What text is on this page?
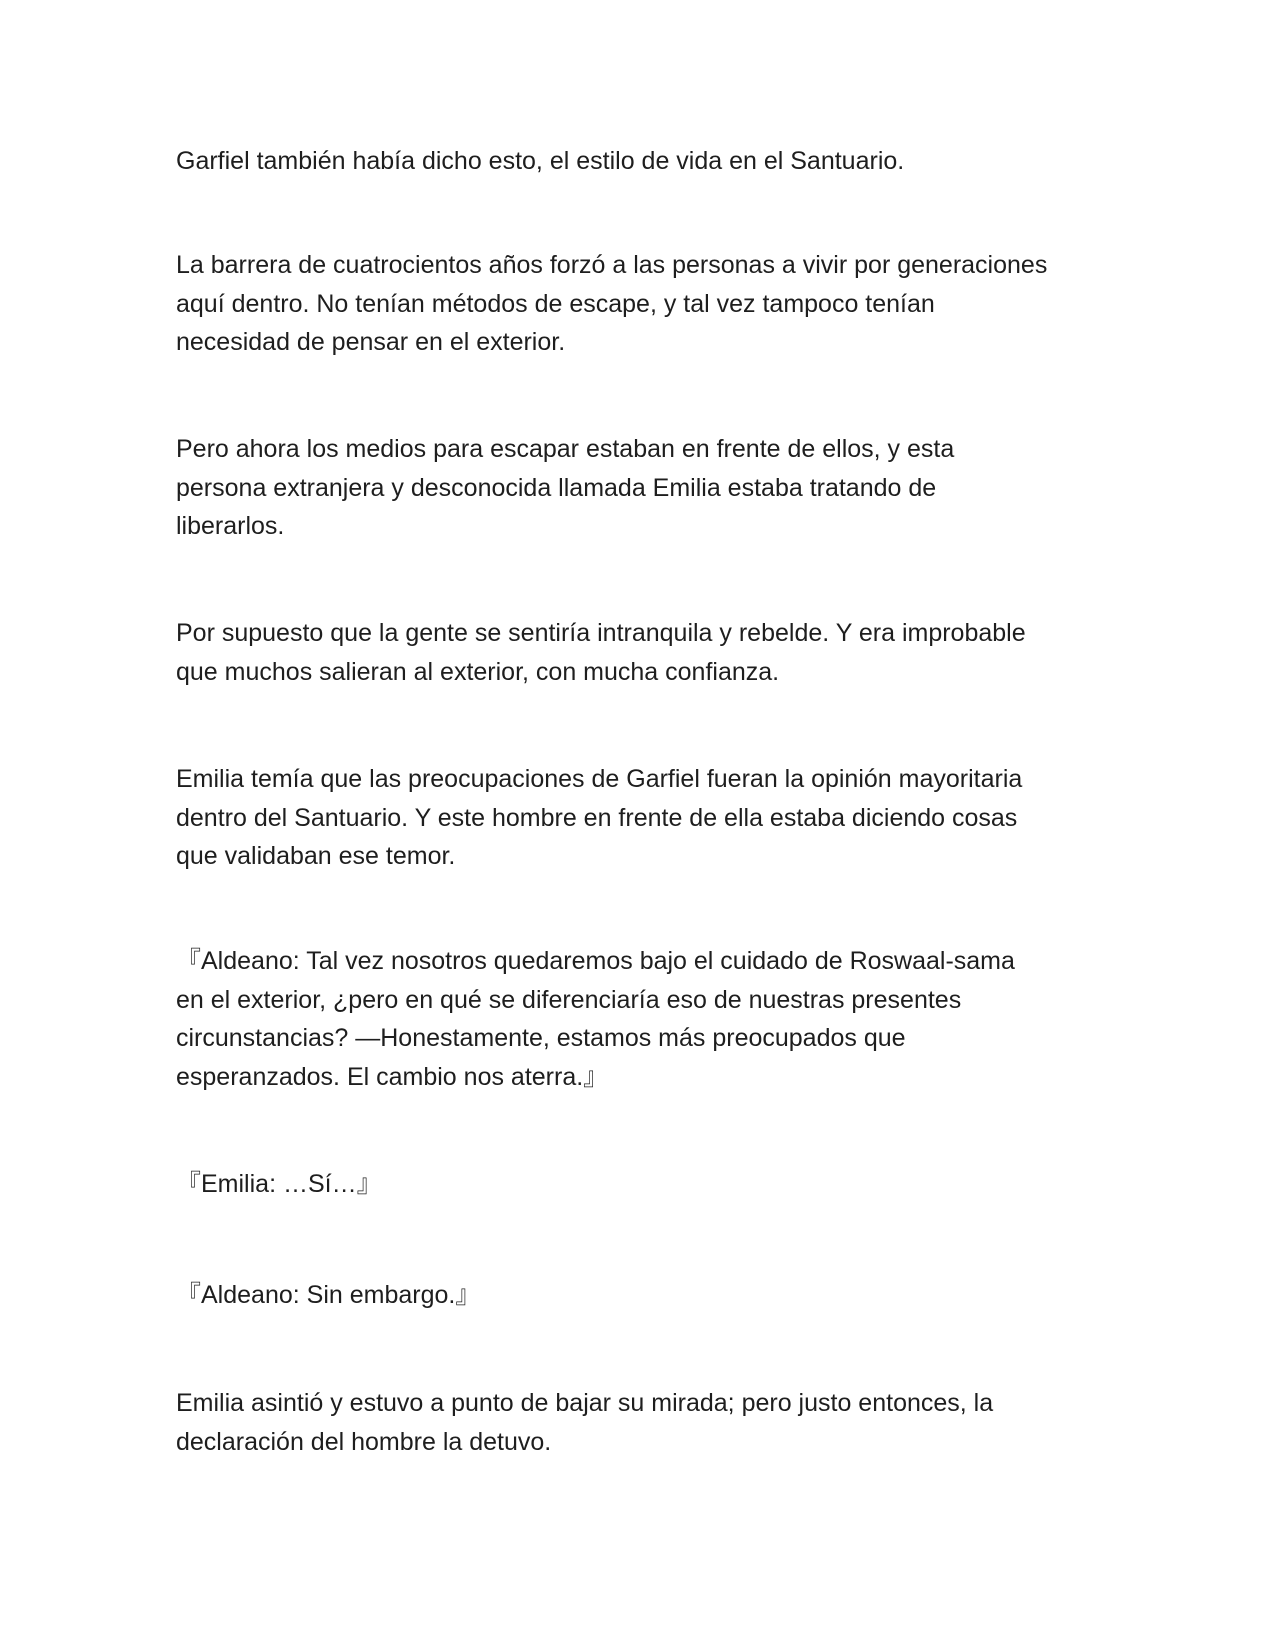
Garfiel también había dicho esto, el estilo de vida en el Santuario.

La barrera de cuatrocientos años forzó a las personas a vivir por generaciones
aquí dentro. No tenían métodos de escape, y tal vez tampoco tenían
necesidad de pensar en el exterior.

Pero ahora los medios para escapar estaban en frente de ellos, y esta
persona extranjera y desconocida llamada Emilia estaba tratando de
liberarlos.

Por supuesto que la gente se sentiría intranquila y rebelde. Y era improbable
que muchos salieran al exterior, con mucha confianza.

Emilia temía que las preocupaciones de Garfiel fueran la opinión mayoritaria
dentro del Santuario. Y este hombre en frente de ella estaba diciendo cosas
que validaban ese temor.

『Aldeano: Tal vez nosotros quedaremos bajo el cuidado de Roswaal-sama
en el exterior, ¿pero en qué se diferenciaría eso de nuestras presentes
circunstancias? —Honestamente, estamos más preocupados que
esperanzados. El cambio nos aterra.』

『Emilia: …Sí…』

『Aldeano: Sin embargo.』

Emilia asintió y estuvo a punto de bajar su mirada; pero justo entonces, la
declaración del hombre la detuvo.
